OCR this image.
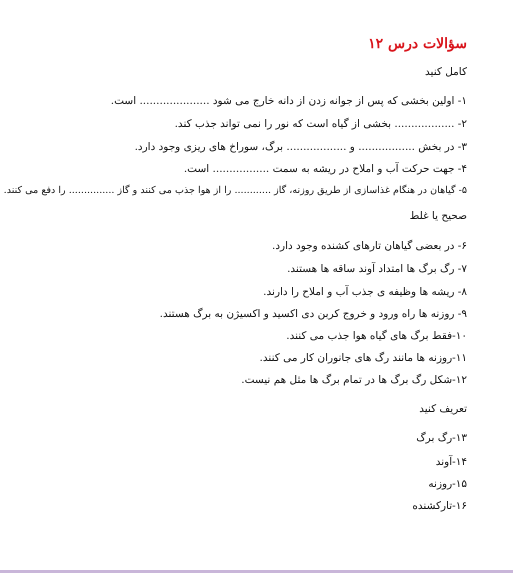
سؤالات درس ۱۲
کامل کنید
۱- اولین بخشی که پس از جوانه زدن از دانه خارج می شود ..................... است.
۲- .................. بخشی از گیاه است که نور را نمی تواند جذب کند.
۳- در بخش ................. و .................. برگ، سوراخ های ریزی وجود دارد.
۴- جهت حرکت آب و املاح در ریشه به سمت ................. است.
۵- گیاهان در هنگام غذاسازی از طریق روزنه، گاز ............ را از هوا جذب می کنند و گاز ............... را دفع می کنند.
صحیح یا غلط
۶- در بعضی گیاهان تارهای کشنده وجود دارد.
۷- رگ برگ ها امتداد آوند ساقه ها هستند.
۸- ریشه ها وظیفه ی جذب آب و املاح را دارند.
۹- روزنه ها راه ورود و خروج کربن دی اکسید و اکسیژن به برگ هستند.
۱۰-فقط برگ های گیاه هوا جذب می کنند.
۱۱-روزنه ها مانند رگ های جانوران کار می کنند.
۱۲-شکل رگ برگ ها در تمام برگ ها مثل هم نیست.
تعریف کنید
۱۳-رگ برگ
۱۴-آوند
۱۵-روزنه
۱۶-تارکشنده
